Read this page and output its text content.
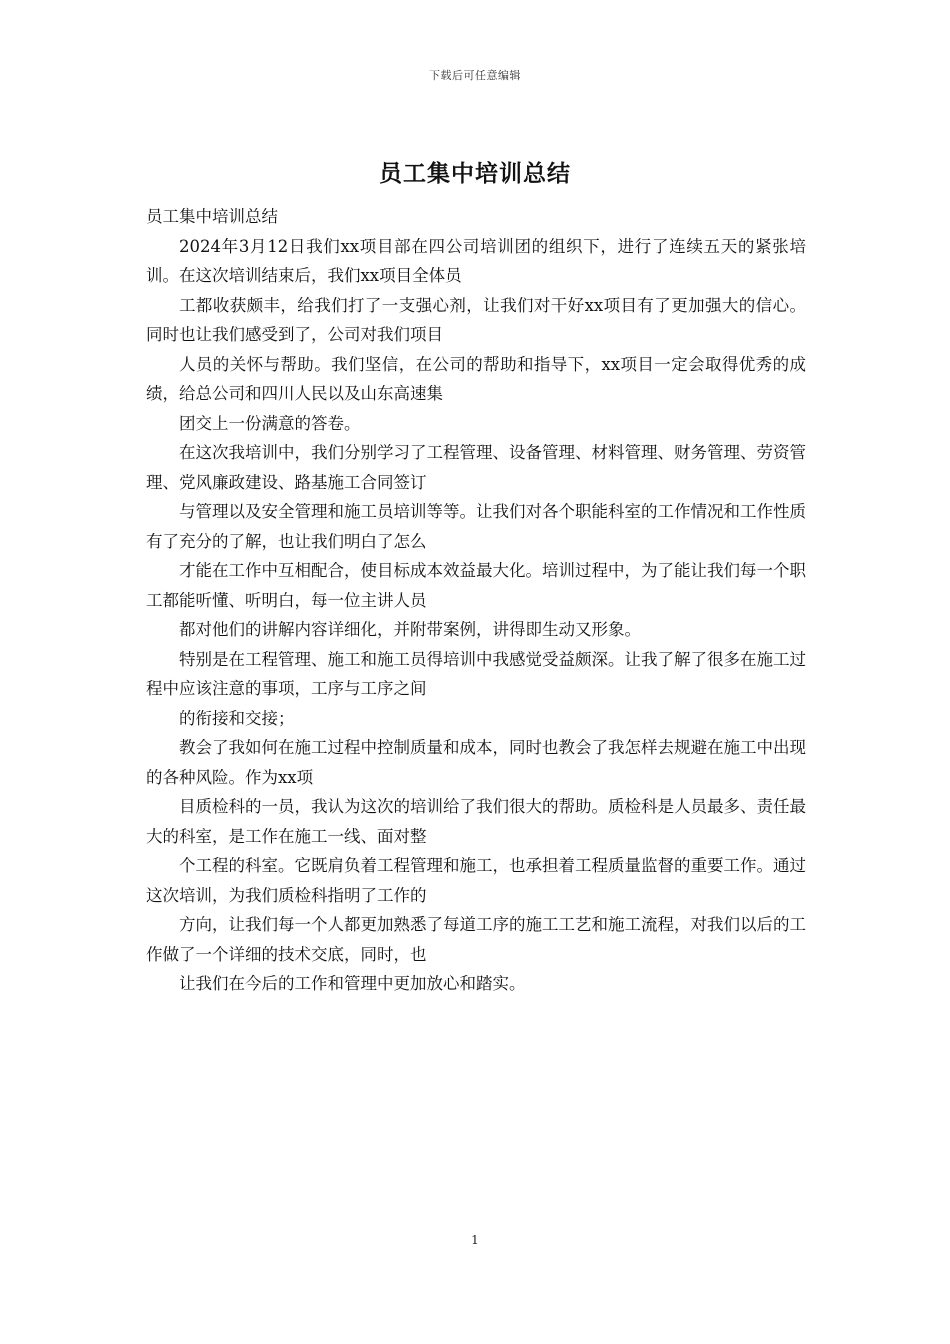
下载后可任意编辑
员工集中培训总结

员工集中培训总结

2024年3月12日我们xx项目部在四公司培训团的组织下，进行了连续五天的紧张培训。在这次培训结束后，我们xx项目全体员

工都收获颇丰，给我们打了一支强心剂，让我们对干好xx项目有了更加强大的信心。同时也让我们感受到了，公司对我们项目

人员的关怀与帮助。我们坚信，在公司的帮助和指导下，xx项目一定会取得优秀的成绩，给总公司和四川人民以及山东高速集

团交上一份满意的答卷。

在这次我培训中，我们分别学习了工程管理、设备管理、材料管理、财务管理、劳资管理、党风廉政建设、路基施工合同签订

与管理以及安全管理和施工员培训等等。让我们对各个职能科室的工作情况和工作性质有了充分的了解，也让我们明白了怎么

才能在工作中互相配合，使目标成本效益最大化。培训过程中，为了能让我们每一个职工都能听懂、听明白，每一位主讲人员

都对他们的讲解内容详细化，并附带案例，讲得即生动又形象。

特别是在工程管理、施工和施工员得培训中我感觉受益颇深。让我了解了很多在施工过程中应该注意的事项，工序与工序之间

的衔接和交接；

教会了我如何在施工过程中控制质量和成本，同时也教会了我怎样去规避在施工中出现的各种风险。作为xx项

目质检科的一员，我认为这次的培训给了我们很大的帮助。质检科是人员最多、责任最大的科室，是工作在施工一线、面对整

个工程的科室。它既肩负着工程管理和施工，也承担着工程质量监督的重要工作。通过这次培训，为我们质检科指明了工作的

方向，让我们每一个人都更加熟悉了每道工序的施工工艺和施工流程，对我们以后的工作做了一个详细的技术交底，同时，也

让我们在今后的工作和管理中更加放心和踏实。

1
